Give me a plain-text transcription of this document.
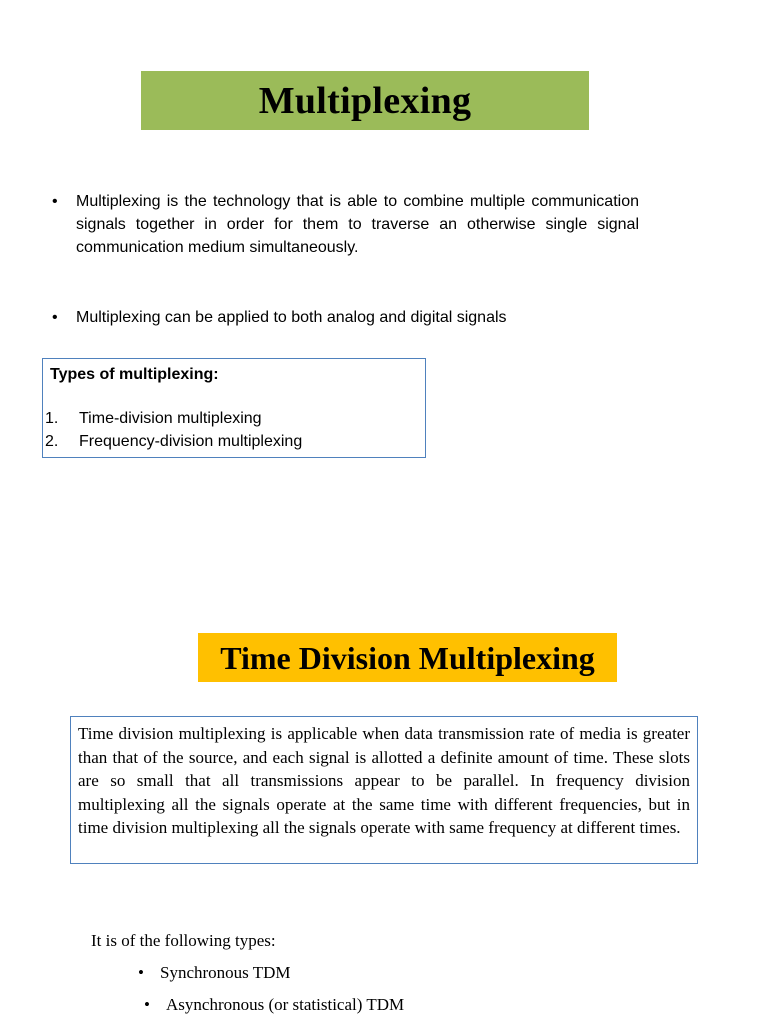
Multiplexing
•	Multiplexing is the technology that is able to combine multiple communication signals together in order for them to traverse an otherwise single signal communication medium simultaneously.
•	Multiplexing can be applied to both analog and digital signals
Types of multiplexing:
1.	Time-division multiplexing
2.	Frequency-division multiplexing
Time Division Multiplexing
Time division multiplexing is applicable when data transmission rate of media is greater than that of the source, and each signal is allotted a definite amount of time. These slots are so small that all transmissions appear to be parallel. In frequency division multiplexing all the signals operate at the same time with different frequencies, but in time division multiplexing all the signals operate with same frequency at different times.
It is of the following types:
• Synchronous TDM
• Asynchronous (or statistical) TDM
